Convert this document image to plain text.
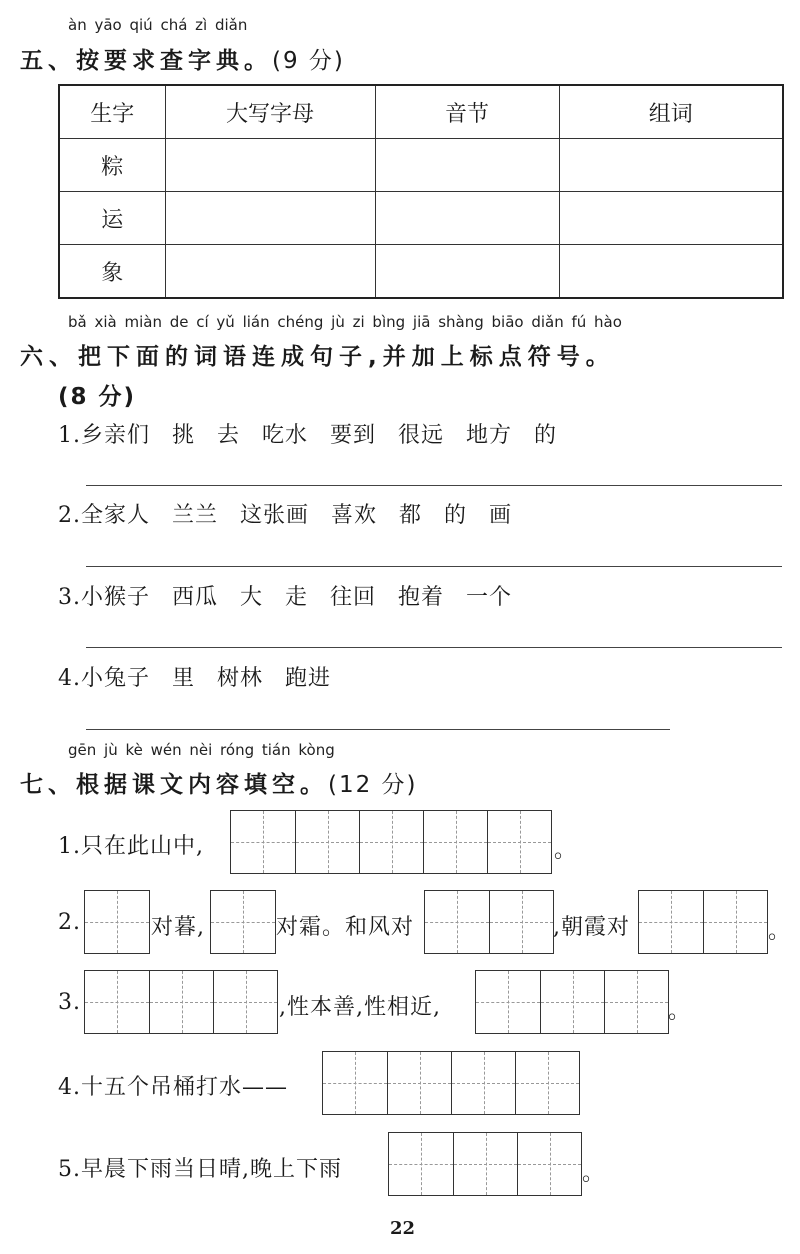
àn yāo qiú chá zì diǎn
五、按要求查字典。(9 分)
生字	大写字母	音节	组词
粽			
运			
象			
bǎ xià miàn de cí yǔ lián chéng jù zi bìng jiā shàng biāo diǎn fú hào
六、把下面的词语连成句子,并加上标点符号。
(8 分)
1.乡亲们 挑 去 吃水 要到 很远 地方 的
2.全家人 兰兰 这张画 喜欢 都 的 画
3.小猴子 西瓜 大 走 往回 抱着 一个
4.小兔子 里 树林 跑进
gēn jù kè wén nèi róng tián kòng
七、根据课文内容填空。(12 分)
1.只在此山中,	。
2.	对暮,	对霜。和风对	,朝霞对	。
3.	,性本善,性相近,	。
4.十五个吊桶打水——
5.早晨下雨当日晴,晚上下雨	。
22
